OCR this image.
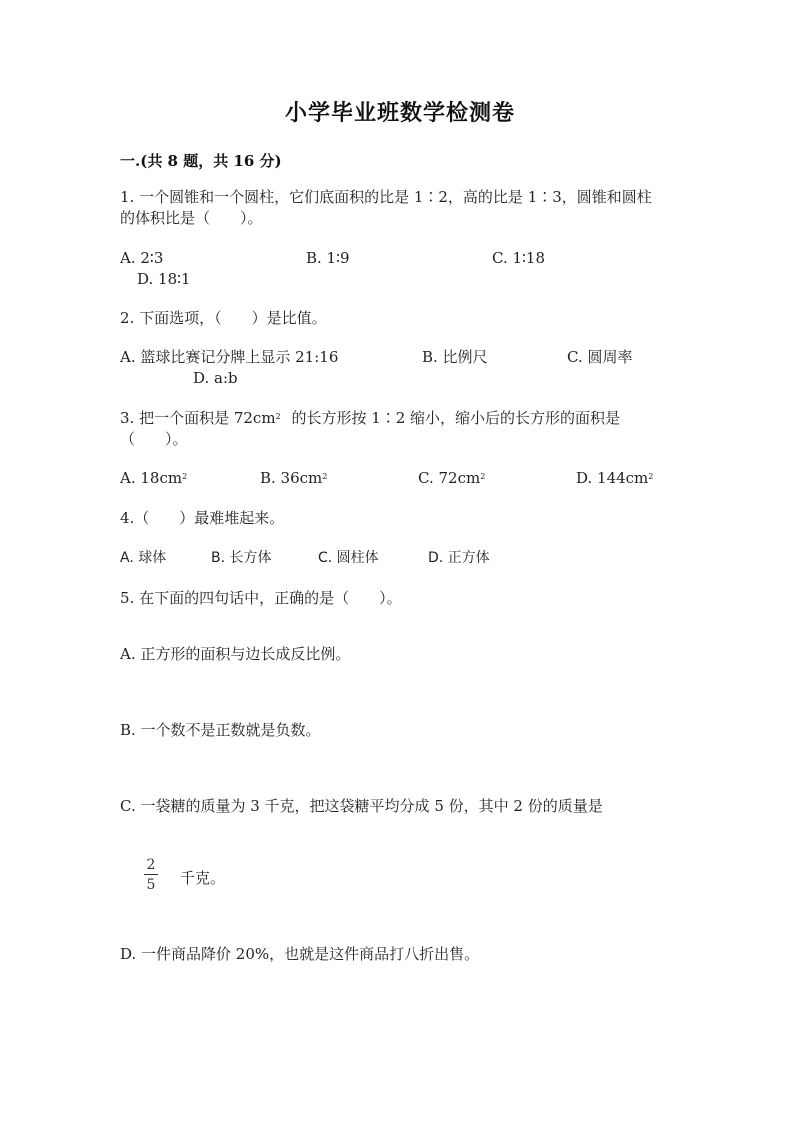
小学毕业班数学检测卷
一.(共 8 题，共 16 分)
1. 一个圆锥和一个圆柱，它们底面积的比是 1∶2，高的比是 1∶3，圆锥和圆柱
的体积比是（　　）。
A. 2∶3	B. 1∶9	C. 1∶18
D. 18∶1
2. 下面选项，（　　）是比值。
A. 篮球比赛记分牌上显示 21:16	B. 比例尺	C. 圆周率
D. a:b
3. 把一个面积是 $72cm^2$ 的长方形按 1∶2 缩小，缩小后的长方形的面积是
（　　）。
A. $18cm^2$	B. $36cm^2$	C. $72cm^2$	D. $144cm^2$
4.（　　）最难堆起来。
A. 球体	B. 长方体	C. 圆柱体	D. 正方体
5. 在下面的四句话中，正确的是（　　）。
A. 正方形的面积与边长成反比例。
B. 一个数不是正数就是负数。
C. 一袋糖的质量为 3 千克，把这袋糖平均分成 5 份，其中 2 份的质量是
2
5 千克。
D. 一件商品降价 20%，也就是这件商品打八折出售。
